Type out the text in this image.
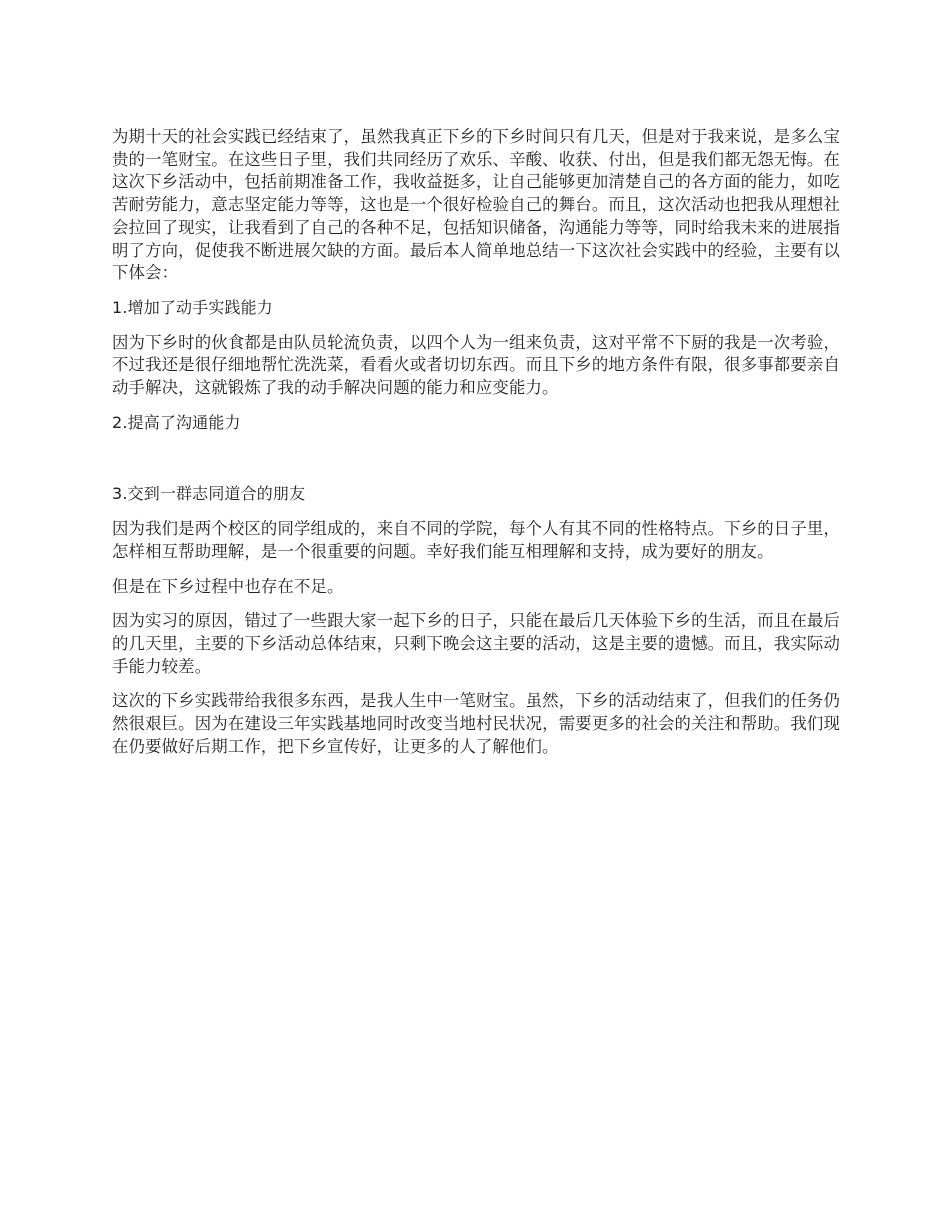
为期十天的社会实践已经结束了，虽然我真正下乡的下乡时间只有几天，但是对于我来说，是多么宝贵的一笔财宝。在这些日子里，我们共同经历了欢乐、辛酸、收获、付出，但是我们都无怨无悔。在这次下乡活动中，包括前期准备工作，我收益挺多，让自己能够更加清楚自己的各方面的能力，如吃苦耐劳能力，意志坚定能力等等，这也是一个很好检验自己的舞台。而且，这次活动也把我从理想社会拉回了现实，让我看到了自己的各种不足，包括知识储备，沟通能力等等，同时给我未来的进展指明了方向，促使我不断进展欠缺的方面。最后本人简单地总结一下这次社会实践中的经验，主要有以下体会：

1.增加了动手实践能力

因为下乡时的伙食都是由队员轮流负责，以四个人为一组来负责，这对平常不下厨的我是一次考验，不过我还是很仔细地帮忙洗洗菜，看看火或者切切东西。而且下乡的地方条件有限，很多事都要亲自动手解决，这就锻炼了我的动手解决问题的能力和应变能力。

2.提高了沟通能力

3.交到一群志同道合的朋友

因为我们是两个校区的同学组成的，来自不同的学院，每个人有其不同的性格特点。下乡的日子里，怎样相互帮助理解，是一个很重要的问题。幸好我们能互相理解和支持，成为要好的朋友。

但是在下乡过程中也存在不足。

因为实习的原因，错过了一些跟大家一起下乡的日子，只能在最后几天体验下乡的生活，而且在最后的几天里，主要的下乡活动总体结束，只剩下晚会这主要的活动，这是主要的遗憾。而且，我实际动手能力较差。

这次的下乡实践带给我很多东西，是我人生中一笔财宝。虽然，下乡的活动结束了，但我们的任务仍然很艰巨。因为在建设三年实践基地同时改变当地村民状况，需要更多的社会的关注和帮助。我们现在仍要做好后期工作，把下乡宣传好，让更多的人了解他们。
